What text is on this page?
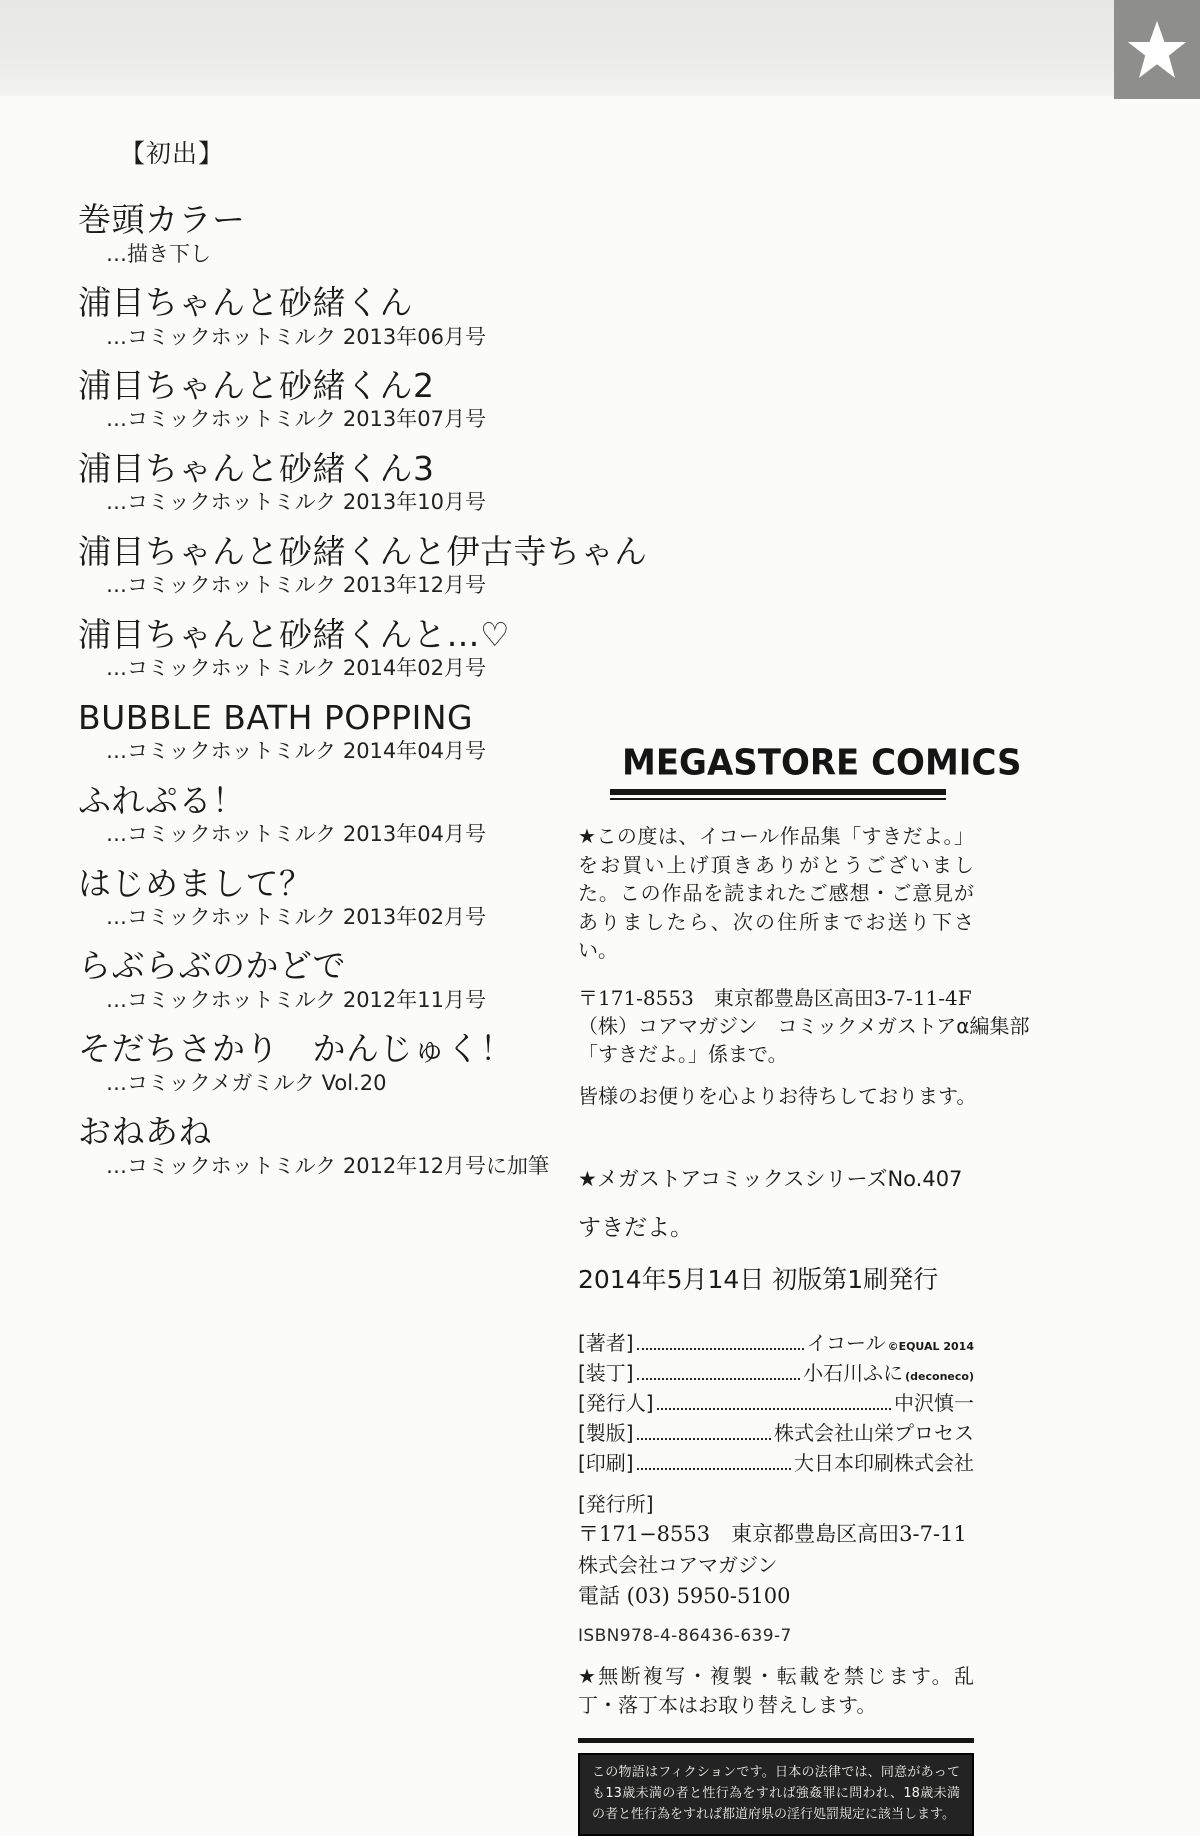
【初出】
巻頭カラー
…描き下し
浦目ちゃんと砂緒くん
…コミックホットミルク 2013年06月号
浦目ちゃんと砂緒くん2
…コミックホットミルク 2013年07月号
浦目ちゃんと砂緒くん3
…コミックホットミルク 2013年10月号
浦目ちゃんと砂緒くんと伊古寺ちゃん
…コミックホットミルク 2013年12月号
浦目ちゃんと砂緒くんと…♡
…コミックホットミルク 2014年02月号
BUBBLE BATH POPPING
…コミックホットミルク 2014年04月号
ふれぷる！
…コミックホットミルク 2013年04月号
はじめまして？
…コミックホットミルク 2013年02月号
らぶらぶのかどで
…コミックホットミルク 2012年11月号
そだちさかり　かんじゅく！
…コミックメガミルク Vol.20
おねあね
…コミックホットミルク 2012年12月号に加筆
MEGASTORE COMICS
★この度は、イコール作品集「すきだよ。」をお買い上げ頂きありがとうございました。この作品を読まれたご感想・ご意見がありましたら、次の住所までお送り下さい。
〒171-8553　東京都豊島区高田3-7-11-4F
（株）コアマガジン　コミックメガストアα編集部
「すきだよ。」係まで。
皆様のお便りを心よりお待ちしております。
★メガストアコミックスシリーズNo.407
すきだよ。
2014年5月14日 初版第1刷発行
[著者]	イコール ©EQUAL 2014
[装丁]	小石川ふに (deconeco)
[発行人]	中沢慎一
[製版]	株式会社山栄プロセス
[印刷]	大日本印刷株式会社
[発行所]
〒171−8553　東京都豊島区高田3-7-11
株式会社コアマガジン
電話 (03) 5950-5100
ISBN978-4-86436-639-7
★無断複写・複製・転載を禁じます。乱丁・落丁本はお取り替えします。
この物語はフィクションです。日本の法律では、同意があっても13歳未満の者と性行為をすれば強姦罪に問われ、18歳未満の者と性行為をすれば都道府県の淫行処罰規定に該当します。
